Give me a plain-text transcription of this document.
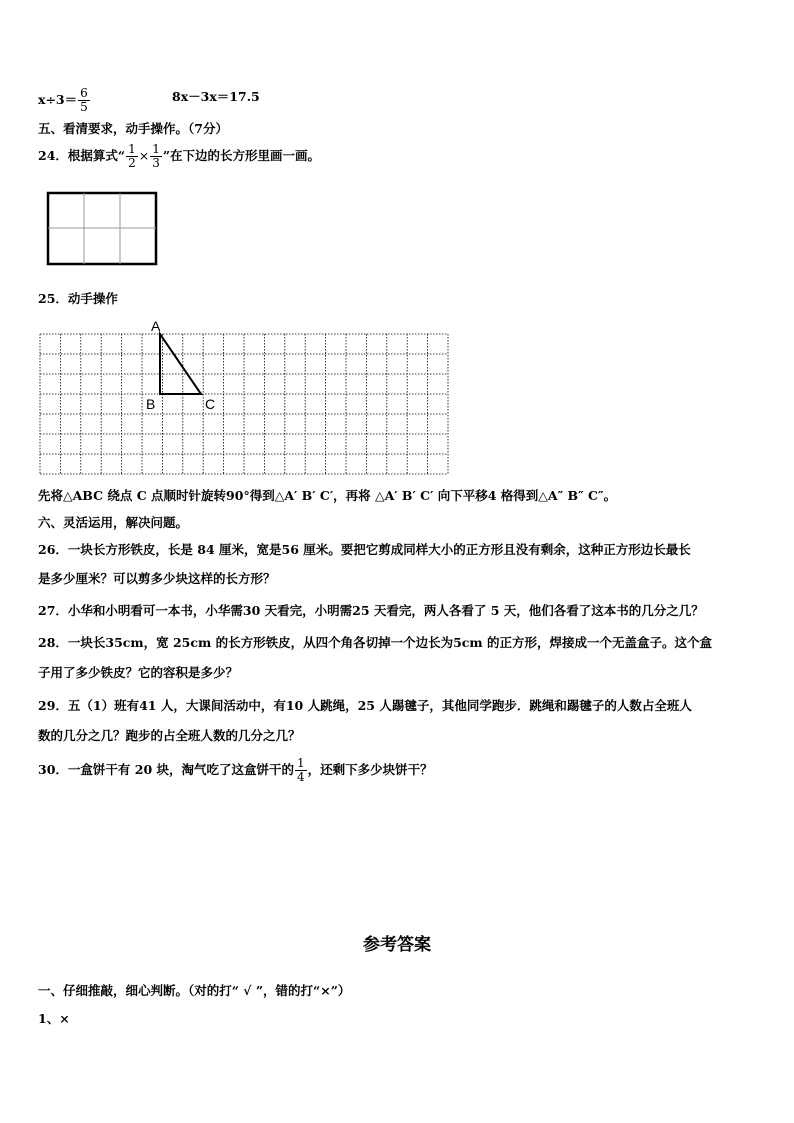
$x\div 3= \frac{6}{5}$	8x－3x＝17.5
五、看清要求，动手操作。（7分）
24．根据算式“ $\frac{1}{2} \times \frac{1}{3}$ ”在下边的长方形里画一画。
25．动手操作
A
B	C
先将△ABC 绕点 C 点顺时针旋转90°得到△A′ B′ C′，再将 △A′ B′ C′ 向下平移4 格得到△A″ B″ C″。
六、灵活运用，解决问题。
26．一块长方形铁皮，长是 84 厘米，宽是56 厘米。要把它剪成同样大小的正方形且没有剩余，这种正方形边长最长
是多少厘米？可以剪多少块这样的长方形？
27．小华和小明看可一本书，小华需30 天看完，小明需25 天看完，两人各看了 5 天，他们各看了这本书的几分之几？
28．一块长35cm，宽 25cm 的长方形铁皮，从四个角各切掉一个边长为5cm 的正方形，焊接成一个无盖盒子。这个盒
子用了多少铁皮？它的容积是多少？
29．五（1）班有41 人，大课间活动中，有10 人跳绳，25 人踢毽子，其他同学跑步．跳绳和踢毽子的人数占全班人
数的几分之几？跑步的占全班人数的几分之几？
30．一盒饼干有 20 块，淘气吃了这盒饼干的 $\frac{1}{4}$ ，还剩下多少块饼干？
参考答案
一、仔细推敲，细心判断。（对的打“ √ ”，错的打“×”）
1、×
